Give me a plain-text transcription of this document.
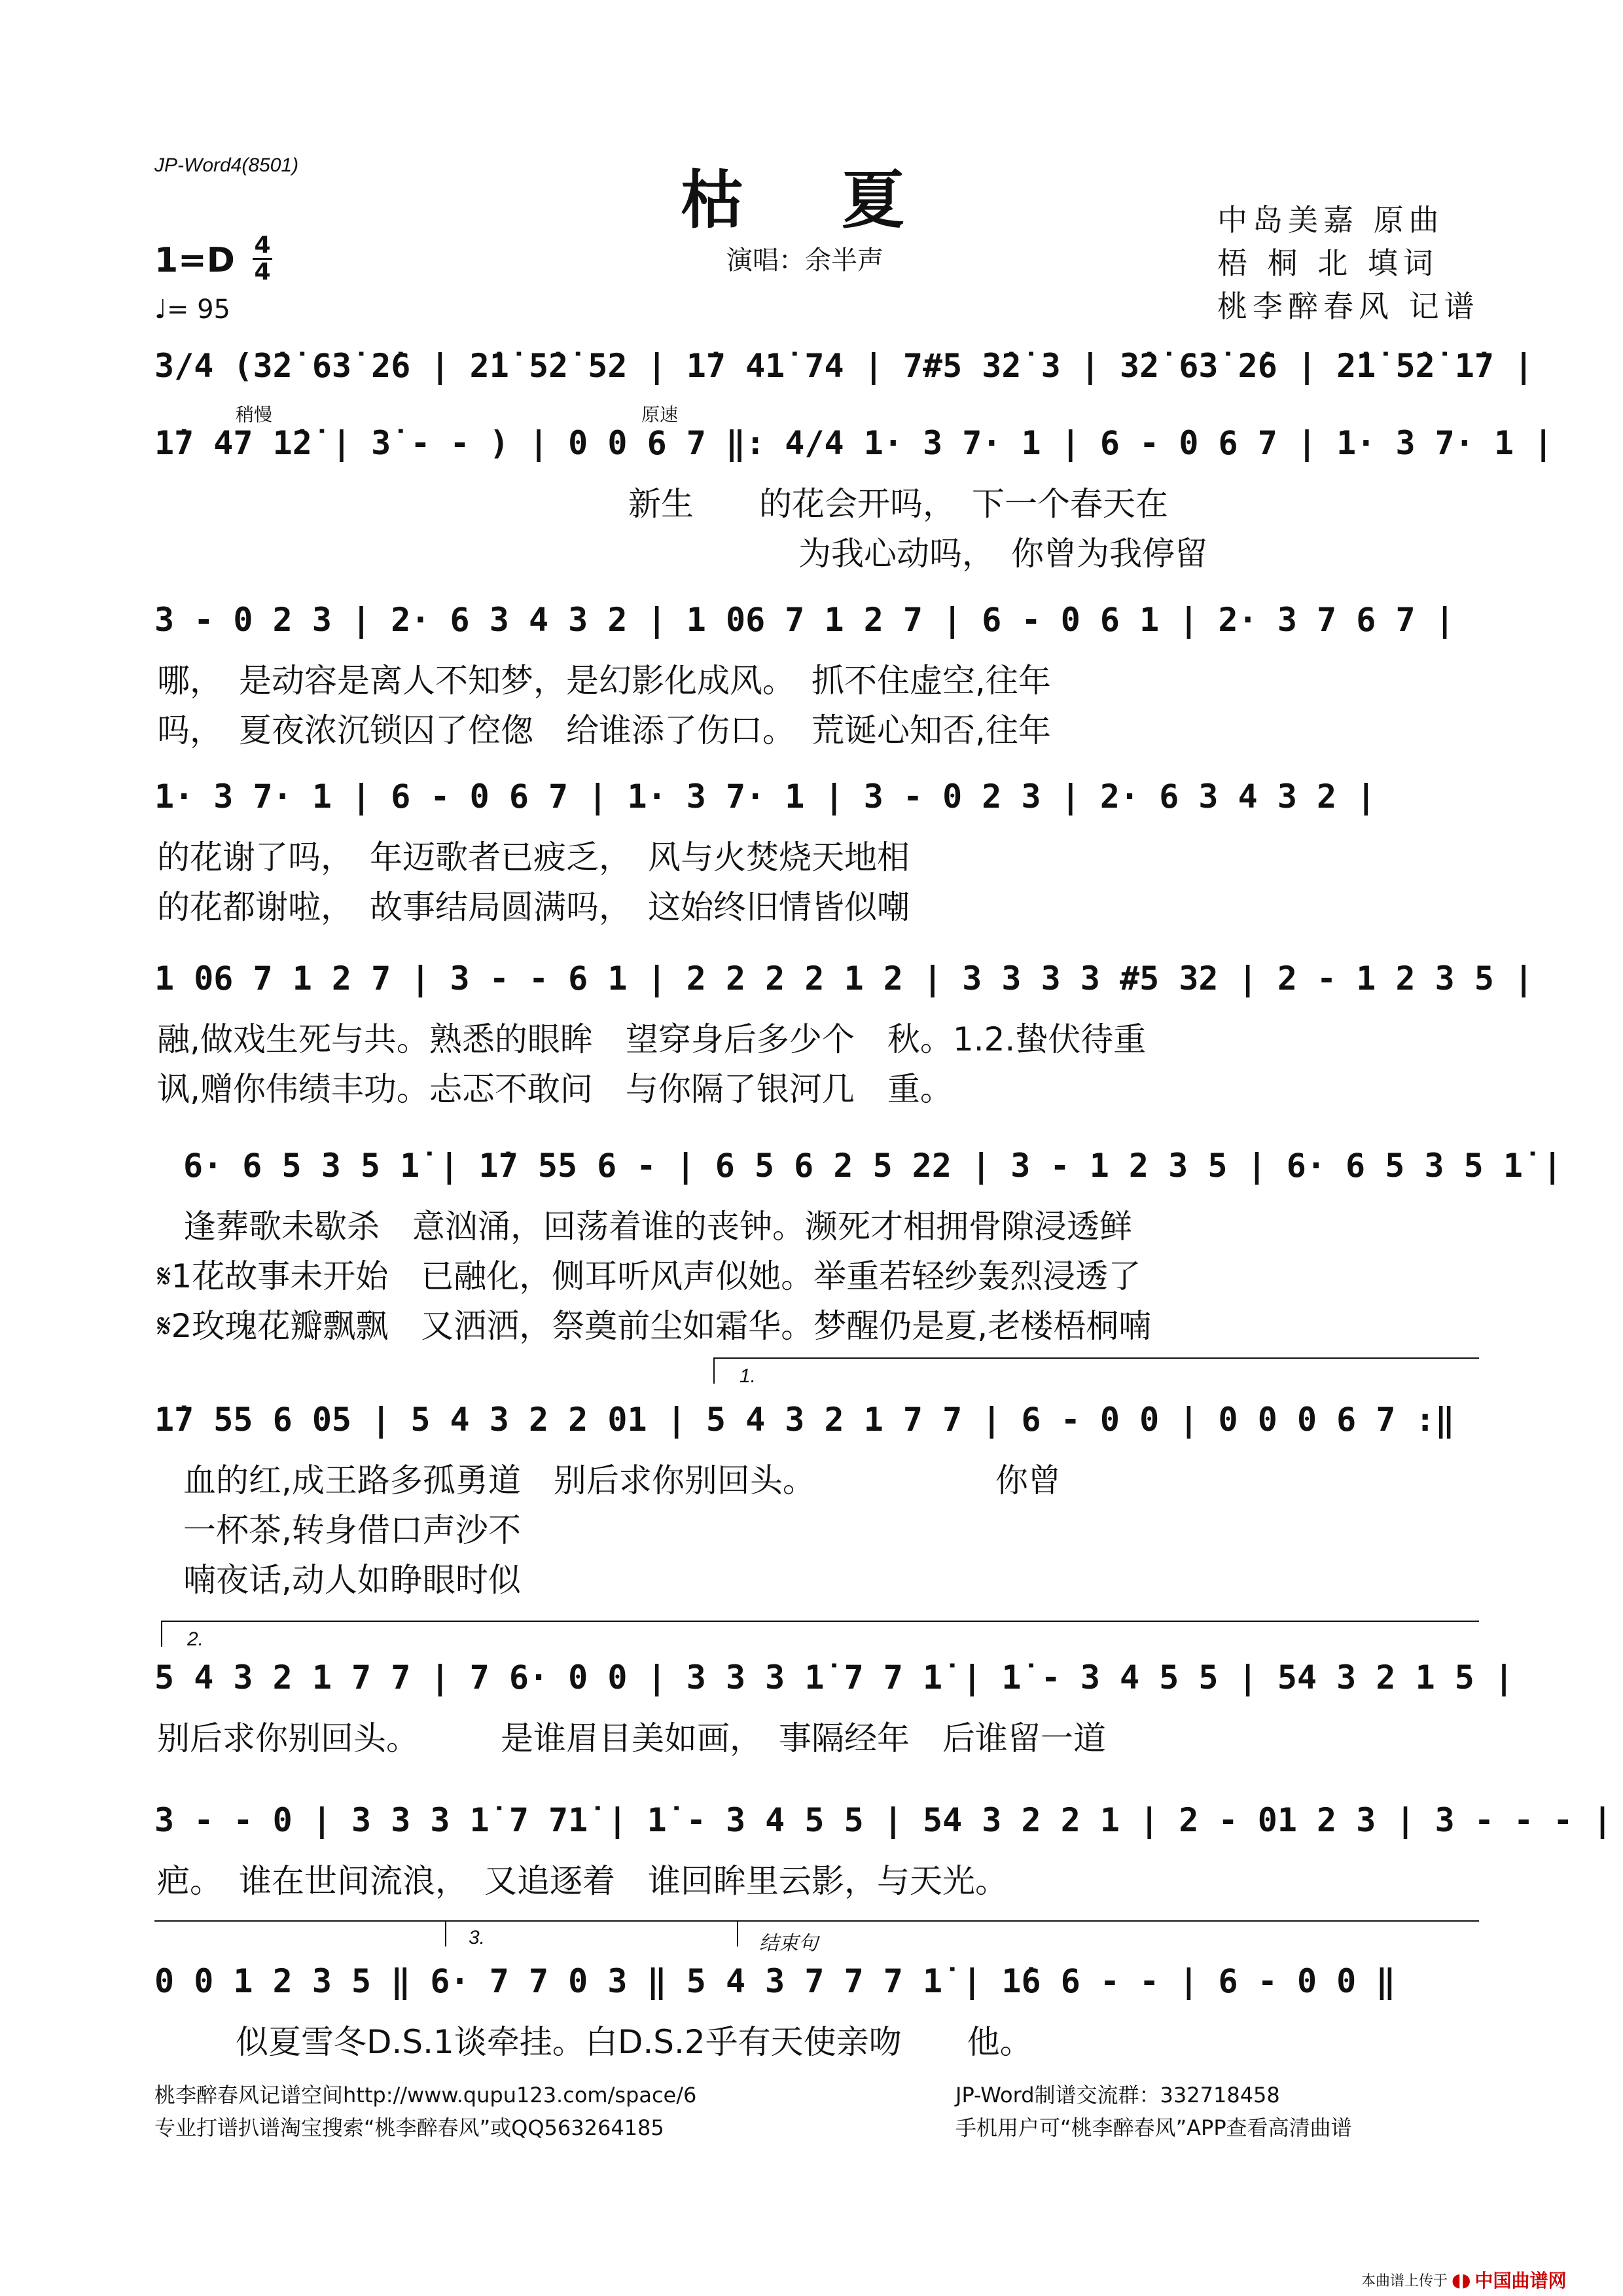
JP-Word4(8501)	枯夏
$1=D \frac{4}{4}$
♩= 95
演唱：余半声
中岛美嘉 原曲
梧 桐 北 填词
桃李醉春风 记谱
3/4 (3̇2̇ 63̇ 2̇6 | 2̇1̇ 5̇2̇ 52 | 1̇7 41̇ 74 | 7#5 3̇2̇ 3 | 3̇2̇ 63̇ 2̇6 | 2̇1̇ 5̇2̇ 1̇7 |
稍慢	原速
1̇7 47 1̇2̇ | 3̇ - - ) | 0 0 6 7 ‖: 4/4 1· 3 7· 1 | 6 - 0 6 7 | 1· 3 7· 1 |
新生　　的花会开吗，　下一个春天在
为我心动吗，　你曾为我停留
3 - 0 2 3 | 2· 6 3 4 3 2 | 1 06 7 1 2 7 | 6 - 0 6 1 | 2· 3 7 6 7 |
哪，　是动容是离人不知梦，是幻影化成风。　抓不住虚空,往年
吗，　夏夜浓沉锁囚了倥偬　给谁添了伤口。　荒诞心知否,往年
1· 3 7· 1 | 6 - 0 6 7 | 1· 3 7· 1 | 3 - 0 2 3 | 2· 6 3 4 3 2 |
的花谢了吗，　年迈歌者已疲乏，　风与火焚烧天地相
的花都谢啦，　故事结局圆满吗，　这始终旧情皆似嘲
1 06 7 1 2 7 | 3 - - 6 1 | 2 2 2 2 1 2 | 3 3 3 3 #5 32 | 2 - 1 2 3 5 |
融,做戏生死与共。熟悉的眼眸　望穿身后多少个　秋。1.2.蛰伏待重
讽,赠你伟绩丰功。忐忑不敢问　与你隔了银河几　重。
6· 6 5 3 5 1̇ | 1̇7 55 6 - | 6 5 6 2 5 22 | 3 - 1 2 3 5 | 6· 6 5 3 5 1̇ |
逢葬歌未歇杀　意汹涌，回荡着谁的丧钟。濒死才相拥骨隙浸透鲜
𝄋1花故事未开始　已融化，侧耳听风声似她。举重若轻纱轰烈浸透了
𝄋2玫瑰花瓣飘飘　又洒洒，祭奠前尘如霜华。梦醒仍是夏,老楼梧桐喃
1.
1̇7 55 6 05 | 5 4 3 2 2 01 | 5 4 3 2 1 7 7 | 6 - 0 0 | 0 0 0 6 7 :‖
血的红,成王路多孤勇道　别后求你别回头。　　　　　　你曾
一杯茶,转身借口声沙不
喃夜话,动人如睁眼时似
2.
5 4 3 2 1 7 7 | 7 6· 0 0 | 3 3 3 1̇ 7 7 1̇ | 1̇ - 3 4 5 5 | 54 3 2 1 5 |
别后求你别回头。　　　是谁眉目美如画，　事隔经年　后谁留一道
3 - - 0 | 3 3 3 1̇ 7 71̇ | 1̇ - 3 4 5 5 | 54 3 2 2 1 | 2 - 01 2 3 | 3 - - - |
疤。　谁在世间流浪，　又追逐着　谁回眸里云影，与天光。
3.	结束句
0 0 1 2 3 5 ‖ 6· 7 7 0 3 ‖ 5 4 3 7 7 7 1̇ | 1̇6 6 - - | 6 - 0 0 ‖
似夏雪冬D.S.1谈牵挂。白D.S.2乎有天使亲吻　　他。
桃李醉春风记谱空间http://www.qupu123.com/space/6
专业打谱扒谱淘宝搜索“桃李醉春风”或QQ563264185
JP-Word制谱交流群：332718458
手机用户可“桃李醉春风”APP查看高清曲谱
本曲谱上传于 ◖◗ 中国曲谱网
